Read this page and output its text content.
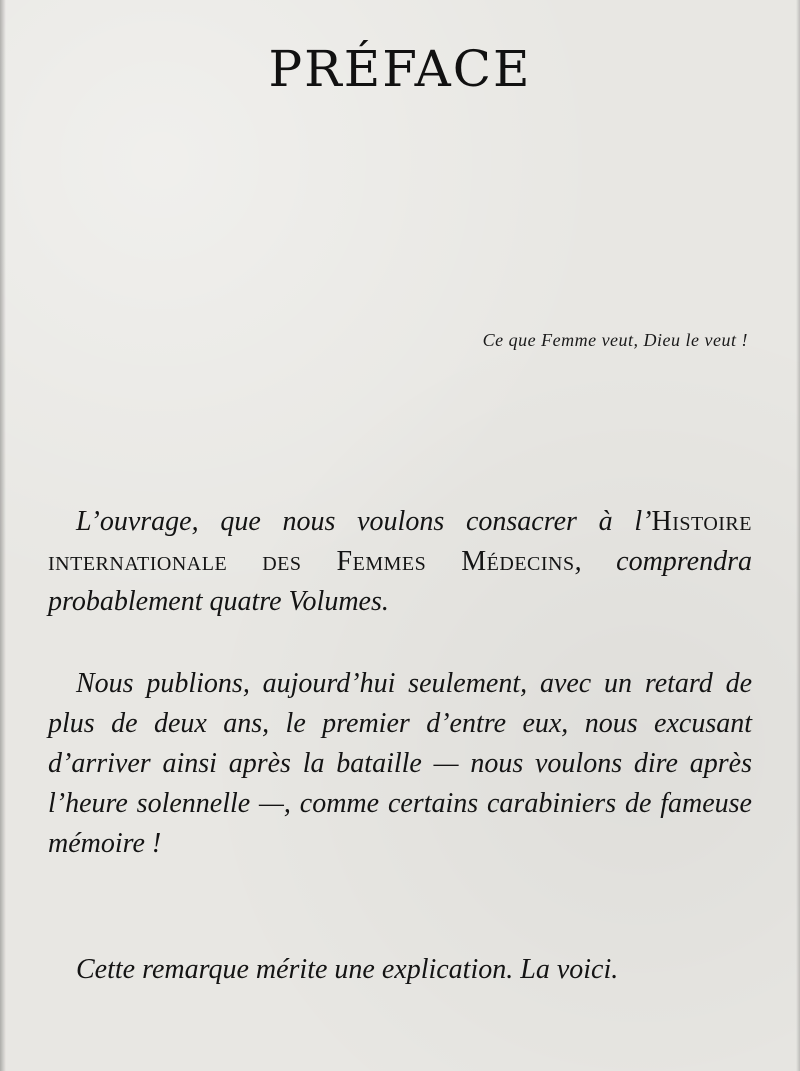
PRÉFACE
Ce que Femme veut, Dieu le veut !

L’ouvrage, que nous voulons consacrer à l’Histoire internationale des Femmes Médecins, comprendra probablement quatre Volumes.

Nous publions, aujourd’hui seulement, avec un retard de plus de deux ans, le premier d’entre eux, nous excusant d’arriver ainsi après la bataille — nous voulons dire après l’heure solennelle —, comme certains carabiniers de fameuse mémoire !

Cette remarque mérite une explication. La voici.
